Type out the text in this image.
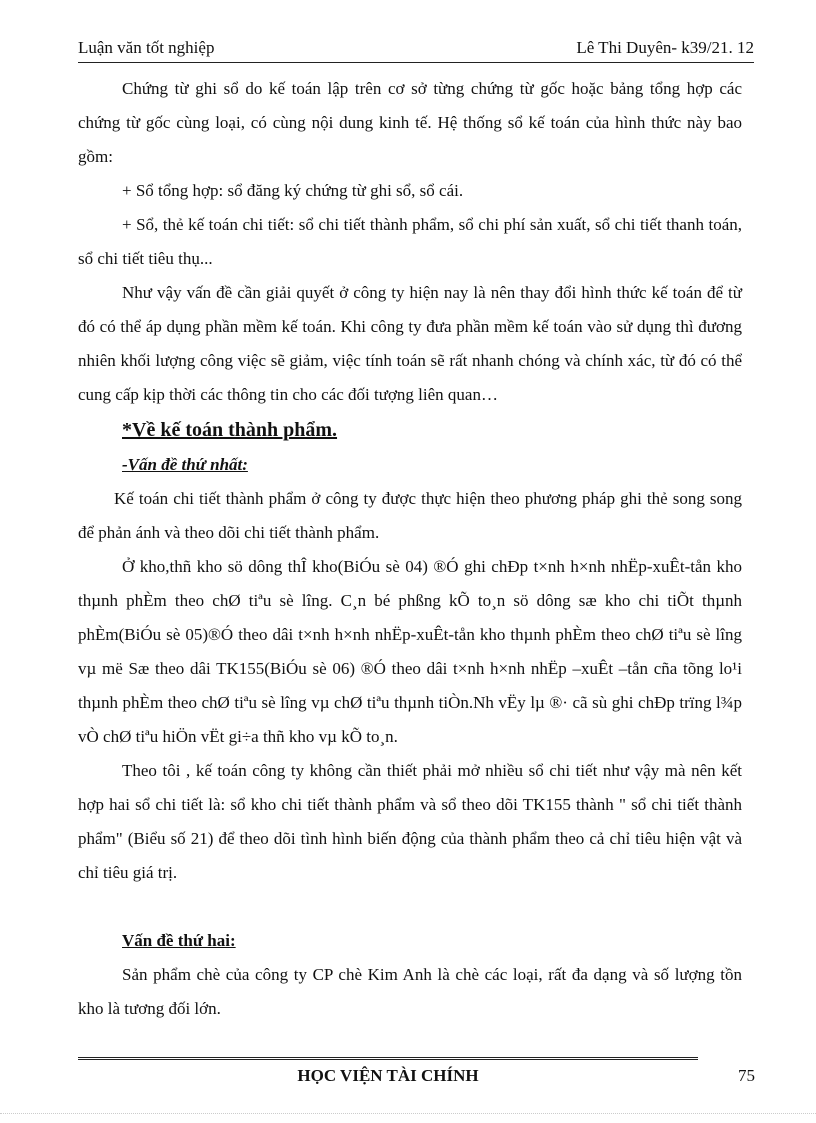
Luận văn tốt nghiệp	Lê Thi Duyên- k39/21. 12

Chứng từ ghi sổ do kế toán lập trên cơ sở từng chứng từ gốc hoặc bảng tổng hợp các chứng từ gốc cùng loại, có cùng nội dung kinh tế. Hệ thống sổ kế toán của hình thức này bao gồm:

+ Sổ tổng hợp: sổ đăng ký chứng từ ghi sổ, sổ cái.

+ Sổ, thẻ kế toán chi tiết: sổ chi tiết thành phẩm, sổ chi phí sản xuất, sổ chi tiết thanh toán, sổ chi tiết tiêu thụ...

Như vậy vấn đề cần giải quyết ở công ty hiện nay là nên thay đổi hình thức kế toán để từ đó có thể áp dụng phần mềm kế toán. Khi công ty đưa phần mềm kế toán vào sử dụng thì đương nhiên khối lượng công việc sẽ giảm, việc tính toán sẽ rất nhanh chóng và chính xác, từ đó có thể cung cấp kịp thời các thông tin cho các đối tượng liên quan…

*Về kế toán thành phẩm.
-Vấn đề thứ nhất:

Kế toán chi tiết thành phẩm ở công ty được thực hiện theo phương pháp ghi thẻ song song để phản ánh và theo dõi chi tiết thành phẩm.

Ở kho,thñ kho sö dông thÎ kho(BiÓu sè 04) ®Ó ghi chÐp t×nh h×nh nhËp-xuÊt-tån kho thµnh phÈm theo chØ tiªu sè lîng. C¸n bé phßng kÕ to¸n sö dông sæ kho chi tiÕt thµnh phÈm(BiÓu sè 05)®Ó theo dâi t×nh h×nh nhËp-xuÊt-tån kho thµnh phÈm theo chØ tiªu sè lîng vµ më Sæ theo dâi TK155(BiÓu sè 06) ®Ó theo dâi t×nh h×nh nhËp –xuÊt –tån cña tõng lo¹i thµnh phÈm theo chØ tiªu sè lîng vµ chØ tiªu thµnh tiÒn.Nh vËy lµ ®· cã sù ghi chÐp trïng l¾p vÒ chØ tiªu hiÖn vËt gi÷a thñ kho vµ kÕ to¸n.

Theo tôi , kế toán công ty không cần thiết phải mở nhiều sổ chi tiết như vậy mà nên kết hợp hai sổ chi tiết là: sổ kho chi tiết thành phẩm và sổ theo dõi TK155 thành " sổ chi tiết thành phẩm" (Biểu số 21) để theo dõi tình hình biến động của thành phẩm theo cả chỉ tiêu hiện vật và chỉ tiêu giá trị.

Vấn đề thứ hai:

Sản phẩm chè của công ty CP chè Kim Anh là chè các loại, rất đa dạng và số lượng tồn kho là tương đối lớn.

HỌC VIỆN TÀI CHÍNH	75
